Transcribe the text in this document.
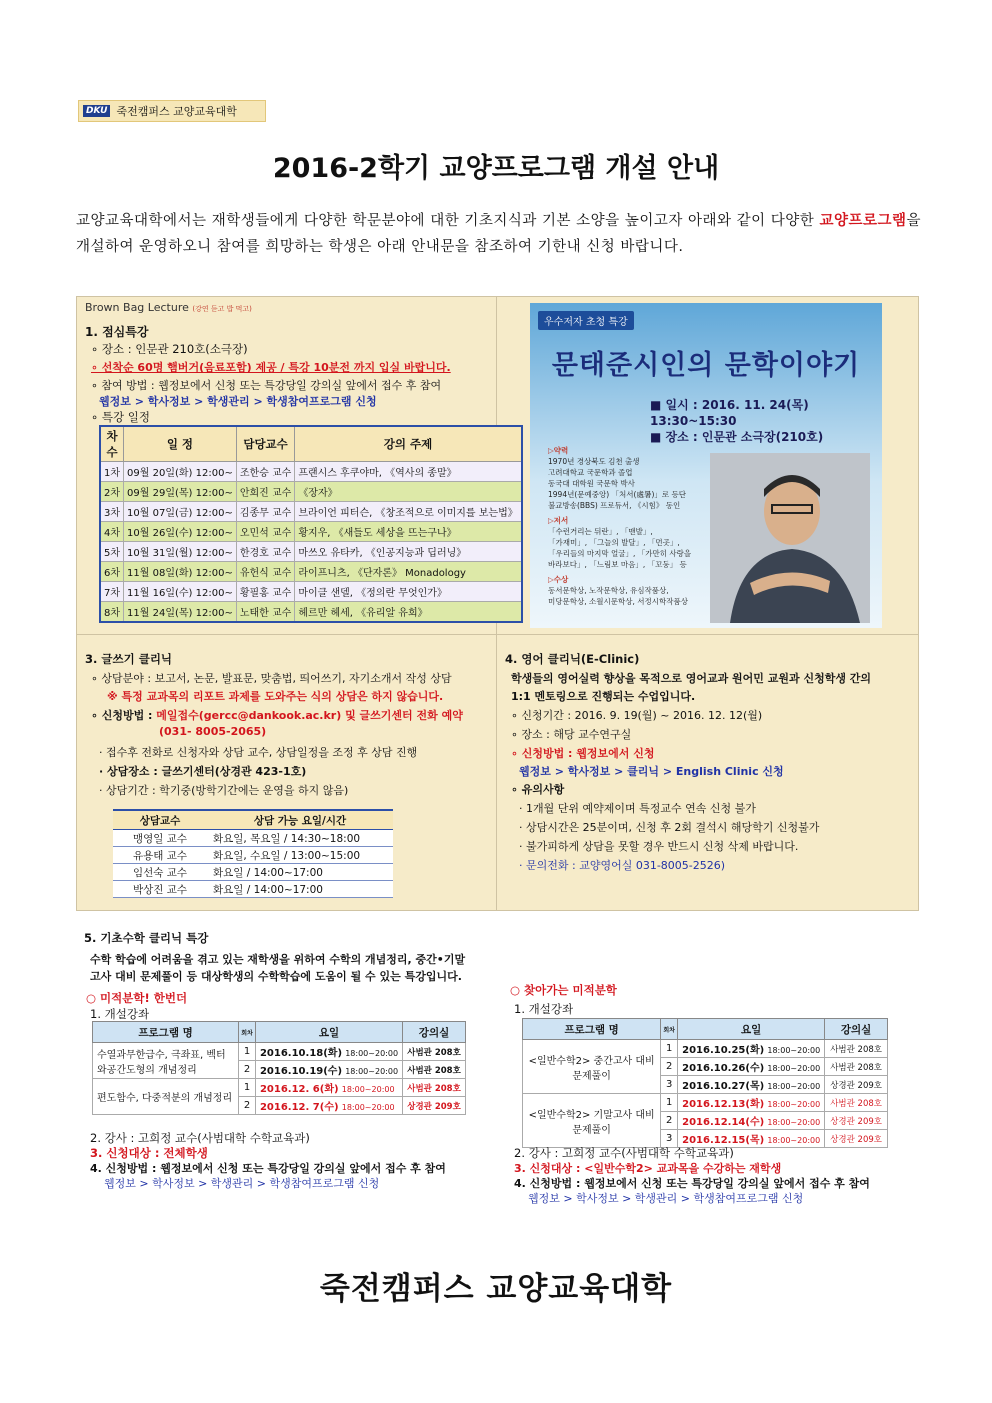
DKU 죽전캠퍼스 교양교육대학
2016-2학기 교양프로그램 개설 안내
교양교육대학에서는 재학생들에게 다양한 학문분야에 대한 기초지식과 기본 소양을 높이고자 아래와 같이 다양한 교양프로그램을 개설하여 운영하오니 참여를 희망하는 학생은 아래 안내문을 참조하여 기한내 신청 바랍니다.
Brown Bag Lecture (강연 듣고 밥 먹고)
1. 점심특강
∘ 장소 : 인문관 210호(소극장)
∘ 선착순 60명 햄버거(음료포함) 제공 / 특강 10분전 까지 입실 바랍니다.
∘ 참여 방법 : 웹정보에서 신청 또는 특강당일 강의실 앞에서 접수 후 참여
웹정보 > 학사정보 > 학생관리 > 학생참여프로그램 신청
∘ 특강 일정
차수	일 정	담당교수	강의 주제
1차	09월 20일(화) 12:00~	조한승 교수	프랜시스 후쿠야마, 《역사의 종말》
2차	09월 29일(목) 12:00~	안희진 교수	《장자》
3차	10월 07일(금) 12:00~	김종무 교수	브라이언 피터슨, 《창조적으로 이미지를 보는법》
4차	10월 26일(수) 12:00~	오민석 교수	황지우, 《새들도 세상을 뜨는구나》
5차	10월 31일(월) 12:00~	한경호 교수	마쓰오 유타카, 《인공지능과 딥러닝》
6차	11월 08일(화) 12:00~	유헌식 교수	라이프니츠, 《단자론》 Monadology
7차	11월 16일(수) 12:00~	황필홍 교수	마이클 샌델, 《정의란 무엇인가》
8차	11월 24일(목) 12:00~	노태한 교수	헤르만 헤세, 《유리알 유희》
우수저자 초청 특강
문태준시인의 문학이야기
■ 일시 : 2016. 11. 24(목) 13:30~15:30
■ 장소 : 인문관 소극장(210호)
▷약력
1970년 경상북도 김천 출생
고려대학교 국문학과 졸업
동국대 대학원 국문학 박사
1994년(문예중앙) 「처서(處暑)」로 등단
불교방송(BBS) 프로듀서, 《시힘》 동인
▷저서
「수런거리는 뒤란」, 「맨발」,
「가재미」, 「그늘의 발달」, 「먼곳」,
「우리들의 마지막 얼굴」, 「가만히 사랑을
바라보다」, 「느림보 마음」, 「꼬둥」 등
▷수상
동서문학상, 노작문학상, 유심작품상,
미당문학상, 소월시문학상, 서정시학작품상
3. 글쓰기 클리닉
∘ 상담분야 : 보고서, 논문, 발표문, 맞춤법, 띄어쓰기, 자기소개서 작성 상담
※ 특정 교과목의 리포트 과제를 도와주는 식의 상담은 하지 않습니다.
∘ 신청방법 : 메일접수(gercc@dankook.ac.kr) 및 글쓰기센터 전화 예약
(031- 8005-2065)
· 접수후 전화로 신청자와 상담 교수, 상담일정을 조정 후 상담 진행
· 상담장소 : 글쓰기센터(상경관 423-1호)
· 상담기간 : 학기중(방학기간에는 운영을 하지 않음)
상담교수	상담 가능 요일/시간
맹영일 교수	화요일, 목요일 / 14:30~18:00
유용태 교수	화요일, 수요일 / 13:00~15:00
임선숙 교수	화요일 / 14:00~17:00
박상진 교수	화요일 / 14:00~17:00
4. 영어 클리닉(E-Clinic)
학생들의 영어실력 향상을 목적으로 영어교과 원어민 교원과 신청학생 간의
1:1 멘토링으로 진행되는 수업입니다.
∘ 신청기간 : 2016. 9. 19(월) ~ 2016. 12. 12(월)
∘ 장소 : 해당 교수연구실
∘ 신청방법 : 웹정보에서 신청
웹정보 > 학사정보 > 클리닉 > English Clinic 신청
∘ 유의사항
· 1개월 단위 예약제이며 특정교수 연속 신청 불가
· 상담시간은 25분이며, 신청 후 2회 결석시 해당학기 신청불가
· 불가피하게 상담을 못할 경우 반드시 신청 삭제 바랍니다.
· 문의전화 : 교양영어실 031-8005-2526)
5. 기초수학 클리닉 특강
수학 학습에 어려움을 겪고 있는 재학생을 위하여 수학의 개념정리, 중간•기말
고사 대비 문제풀이 등 대상학생의 수학학습에 도움이 될 수 있는 특강입니다.
○ 미적분학! 한번더
1. 개설강좌
프로그램 명	회차	요일	강의실
수열과무한급수, 극좌표, 벡터와공간도형의 개념정리	1	2016.10.18(화) 18:00~20:00	사범관 208호
	2	2016.10.19(수) 18:00~20:00	사범관 208호
편도함수, 다중적분의 개념정리	1	2016.12. 6(화) 18:00~20:00	사범관 208호
	2	2016.12. 7(수) 18:00~20:00	상경관 209호
2. 강사 : 고희정 교수(사범대학 수학교육과)
3. 신청대상 : 전체학생
4. 신청방법 : 웹정보에서 신청 또는 특강당일 강의실 앞에서 접수 후 참여
웹정보 > 학사정보 > 학생관리 > 학생참여프로그램 신청
○ 찾아가는 미적분학
1. 개설강좌
프로그램 명	회차	요일	강의실
<일반수학2> 중간고사 대비 문제풀이	1	2016.10.25(화) 18:00~20:00	사범관 208호
	2	2016.10.26(수) 18:00~20:00	사범관 208호
	3	2016.10.27(목) 18:00~20:00	상경관 209호
<일반수학2> 기말고사 대비 문제풀이	1	2016.12.13(화) 18:00~20:00	사범관 208호
	2	2016.12.14(수) 18:00~20:00	상경관 209호
	3	2016.12.15(목) 18:00~20:00	상경관 209호
2. 강사 : 고희정 교수(사범대학 수학교육과)
3. 신청대상 : <일반수학2> 교과목을 수강하는 재학생
4. 신청방법 : 웹정보에서 신청 또는 특강당일 강의실 앞에서 접수 후 참여
웹정보 > 학사정보 > 학생관리 > 학생참여프로그램 신청
죽전캠퍼스 교양교육대학
